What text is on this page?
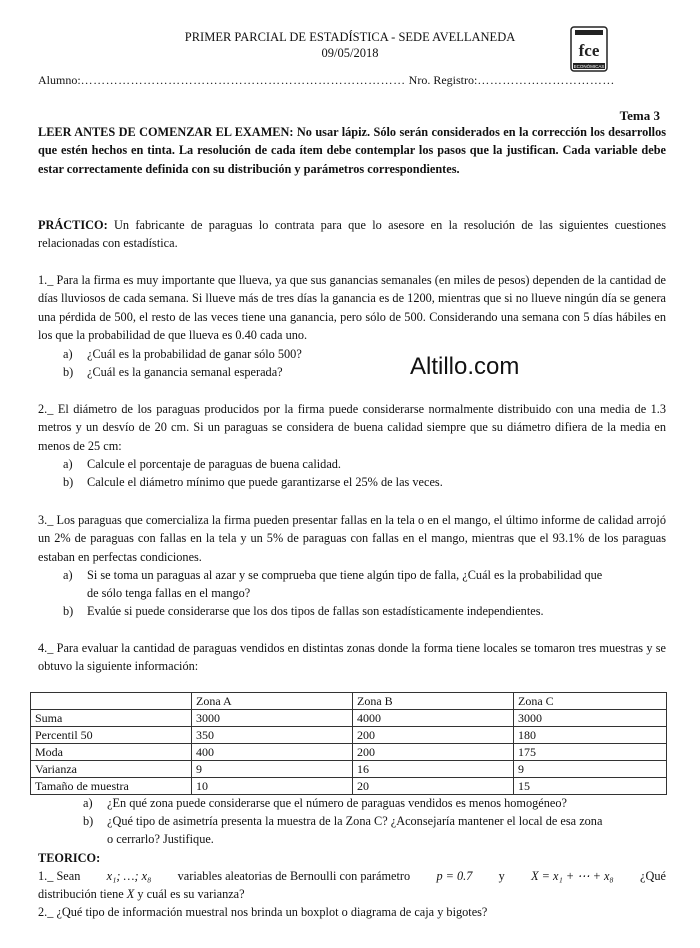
PRIMER PARCIAL DE ESTADÍSTICA - SEDE AVELLANEDA
09/05/2018	fce
ECONÓMICAS
Alumno:…………………………………………………………………… Nro. Registro:……………………………
Tema 3
LEER ANTES DE COMENZAR EL EXAMEN: No usar lápiz. Sólo serán considerados en la corrección los desarrollos que estén hechos en tinta. La resolución de cada ítem debe contemplar los pasos que la justifican. Cada variable debe estar correctamente definida con su distribución y parámetros correspondientes.
PRÁCTICO: Un fabricante de paraguas lo contrata para que lo asesore en la resolución de las siguientes cuestiones relacionadas con estadística.
1._ Para la firma es muy importante que llueva, ya que sus ganancias semanales (en miles de pesos) dependen de la cantidad de días lluviosos de cada semana. Si llueve más de tres días la ganancia es de 1200, mientras que si no llueve ningún día se genera una pérdida de 500, el resto de las veces tiene una ganancia, pero sólo de 500. Considerando una semana con 5 días hábiles en los que la probabilidad de que llueva es 0.40 cada uno.
a) ¿Cuál es la probabilidad de ganar sólo 500?
b) ¿Cuál es la ganancia semanal esperada?	Altillo.com
2._ El diámetro de los paraguas producidos por la firma puede considerarse normalmente distribuido con una media de 1.3 metros y un desvío de 20 cm. Si un paraguas se considera de buena calidad siempre que su diámetro difiera de la media en menos de 25 cm:
a) Calcule el porcentaje de paraguas de buena calidad.
b) Calcule el diámetro mínimo que puede garantizarse el 25% de las veces.
3._ Los paraguas que comercializa la firma pueden presentar fallas en la tela o en el mango, el último informe de calidad arrojó un 2% de paraguas con fallas en la tela y un 5% de paraguas con fallas en el mango, mientras que el 93.1% de los paraguas estaban en perfectas condiciones.
a) Si se toma un paraguas al azar y se comprueba que tiene algún tipo de falla, ¿Cuál es la probabilidad que
de sólo tenga fallas en el mango?
b) Evalúe si puede considerarse que los dos tipos de fallas son estadísticamente independientes.
4._ Para evaluar la cantidad de paraguas vendidos en distintas zonas donde la forma tiene locales se tomaron tres muestras y se obtuvo la siguiente información:
	Zona A	Zona B	Zona C
Suma	3000	4000	3000
Percentil 50	350	200	180
Moda	400	200	175
Varianza	9	16	9
Tamaño de muestra	10	20	15
a) ¿En qué zona puede considerarse que el número de paraguas vendidos es menos homogéneo?
b) ¿Qué tipo de asimetría presenta la muestra de la Zona C? ¿Aconsejaría mantener el local de esa zona
o cerrarlo? Justifique.
TEORICO:
1._ Sean x₁; …; x₈ variables aleatorias de Bernoulli con parámetro p = 0.7 y X = x₁ + ⋯ + x₈ ¿Qué
distribución tiene X y cuál es su varianza?
2._ ¿Qué tipo de información muestral nos brinda un boxplot o diagrama de caja y bigotes?
